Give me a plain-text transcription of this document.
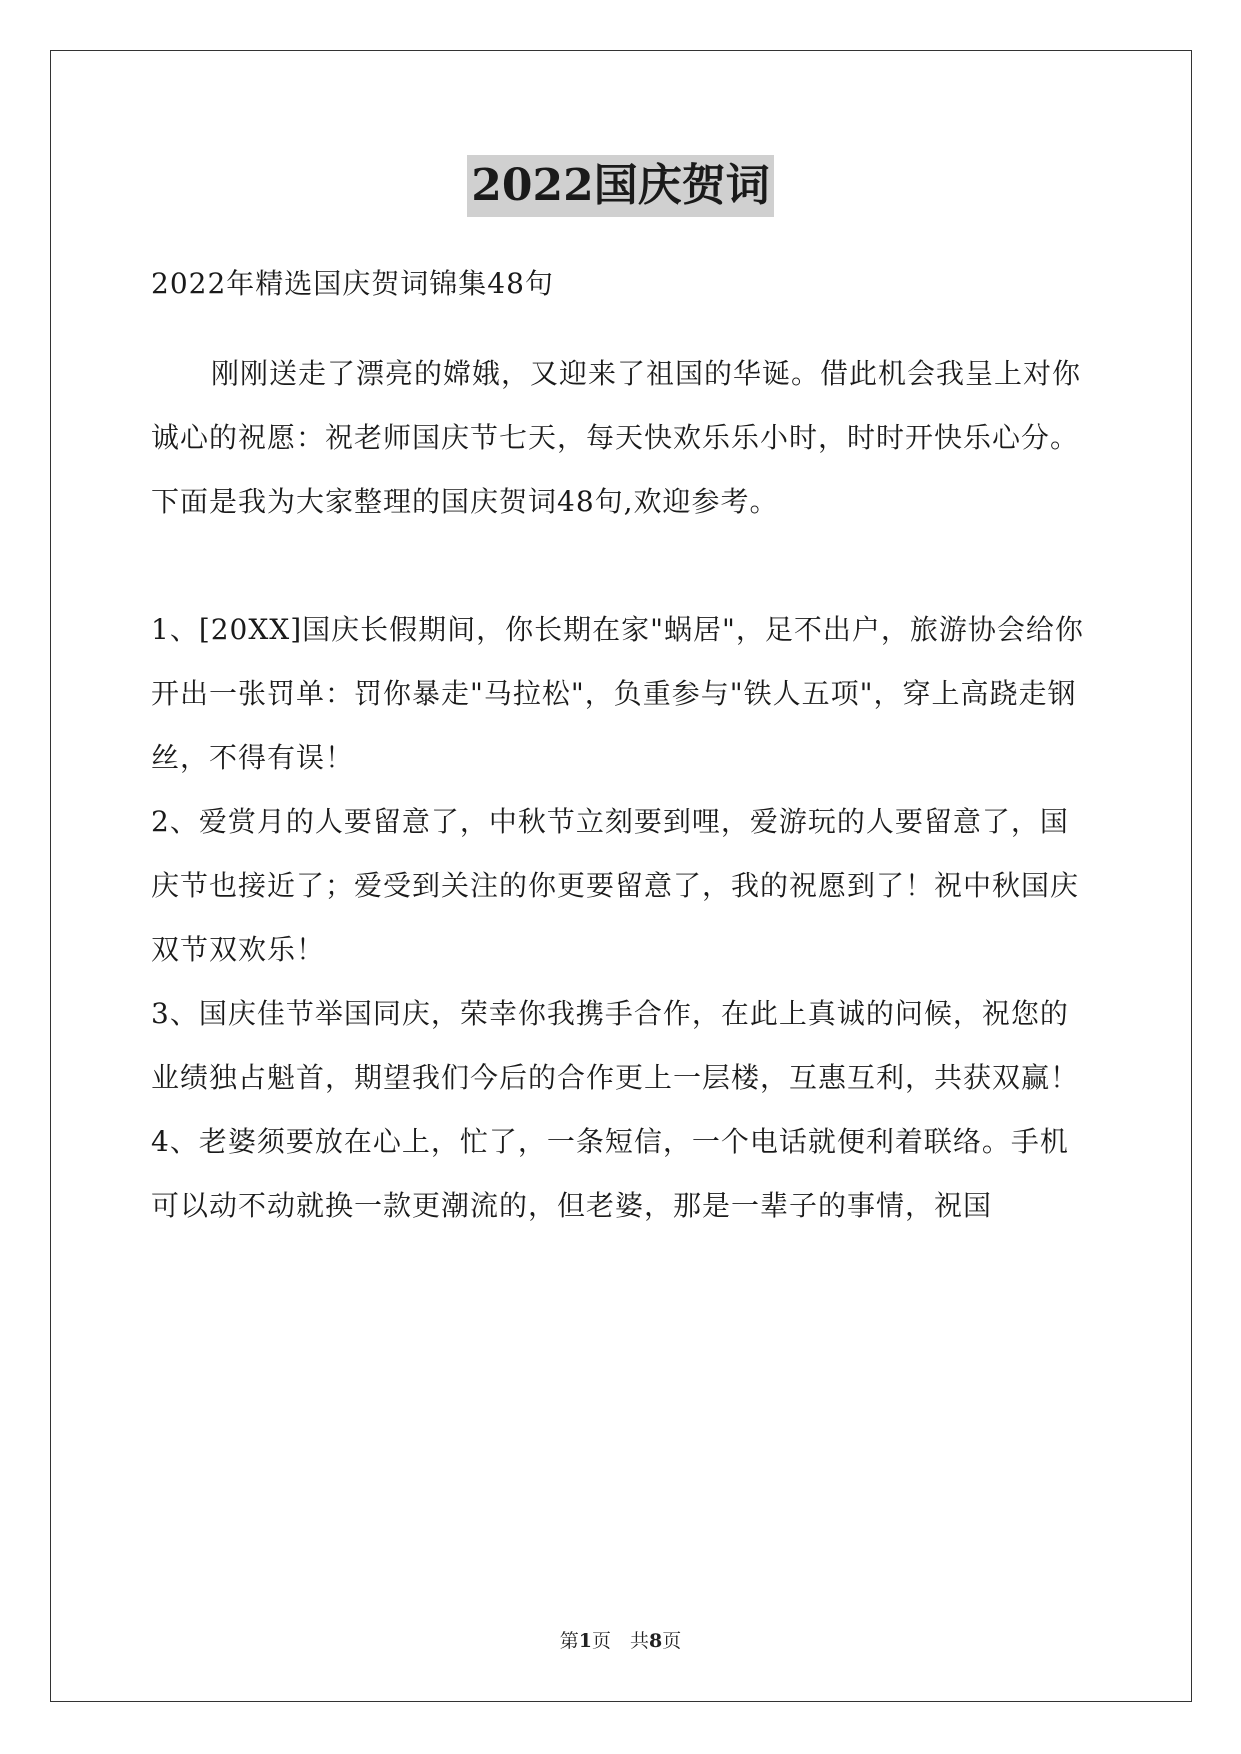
2022国庆贺词

2022年精选国庆贺词锦集48句

刚刚送走了漂亮的嫦娥，又迎来了祖国的华诞。借此机会我呈上对你诚心的祝愿：祝老师国庆节七天，每天快欢乐乐小时，时时开快乐心分。下面是我为大家整理的国庆贺词48句,欢迎参考。

1、[20XX]国庆长假期间，你长期在家"蜗居"，足不出户，旅游协会给你开出一张罚单：罚你暴走"马拉松"，负重参与"铁人五项"，穿上高跷走钢丝，不得有误！

2、爱赏月的人要留意了，中秋节立刻要到哩，爱游玩的人要留意了，国庆节也接近了；爱受到关注的你更要留意了，我的祝愿到了！祝中秋国庆双节双欢乐！

3、国庆佳节举国同庆，荣幸你我携手合作，在此上真诚的问候，祝您的业绩独占魁首，期望我们今后的合作更上一层楼，互惠互利，共获双赢！

4、老婆须要放在心上，忙了，一条短信，一个电话就便利着联络。手机可以动不动就换一款更潮流的，但老婆，那是一辈子的事情，祝国

第1页　共8页
